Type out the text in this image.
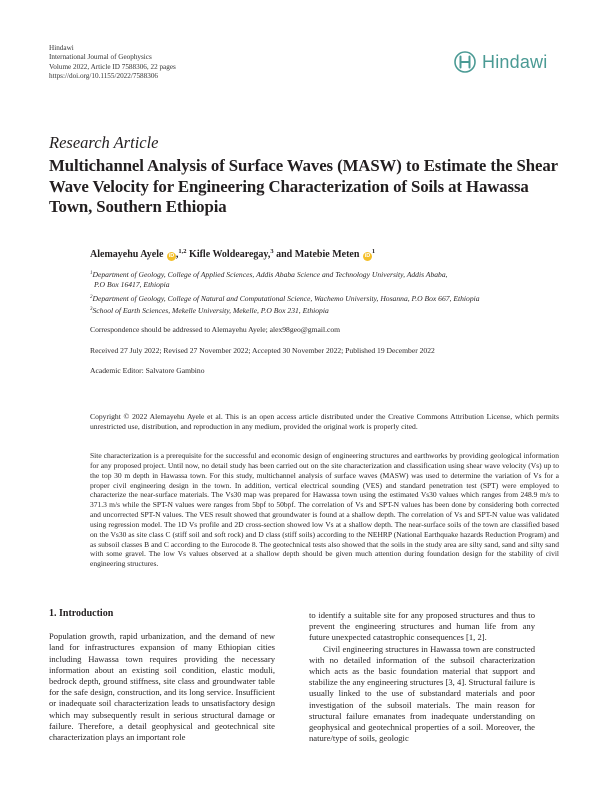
Hindawi
International Journal of Geophysics
Volume 2022, Article ID 7588306, 22 pages
https://doi.org/10.1155/2022/7588306
Hindawi
Research Article
Multichannel Analysis of Surface Waves (MASW) to Estimate the Shear Wave Velocity for Engineering Characterization of Soils at Hawassa Town, Southern Ethiopia
Alemayehu Ayele iD ,$^{1,2}$ Kifle Woldearegay,$^3$ and Matebie Meten $iD^1$
$^1$Department of Geology, College of Applied Sciences, Addis Ababa Science and Technology University, Addis Ababa,
P.O Box 16417, Ethiopia
$^2$Department of Geology, College of Natural and Computational Science, Wachemo University, Hosanna, P.O Box 667, Ethiopia
$^3$School of Earth Sciences, Mekelle University, Mekelle, P.O Box 231, Ethiopia
Correspondence should be addressed to Alemayehu Ayele; alex98geo@gmail.com
Received 27 July 2022; Revised 27 November 2022; Accepted 30 November 2022; Published 19 December 2022
Academic Editor: Salvatore Gambino
Copyright © 2022 Alemayehu Ayele et al. This is an open access article distributed under the Creative Commons Attribution License, which permits unrestricted use, distribution, and reproduction in any medium, provided the original work is properly cited.
Site characterization is a prerequisite for the successful and economic design of engineering structures and earthworks by providing geological information for any proposed project. Until now, no detail study has been carried out on the site characterization and classification using shear wave velocity (Vs) up to the top 30 m depth in Hawassa town. For this study, multichannel analysis of surface waves (MASW) was used to determine the variation of Vs for a proper civil engineering design in the town. In addition, vertical electrical sounding (VES) and standard penetration test (SPT) were employed to characterize the near-surface materials. The Vs30 map was prepared for Hawassa town using the estimated Vs30 values which ranges from 248.9 m/s to 371.3 m/s while the SPT-N values were ranges from 5bpf to 50bpf. The correlation of Vs and SPT-N values has been done by considering both corrected and uncorrected SPT-N values. The VES result showed that groundwater is found at a shallow depth. The correlation of Vs and SPT-N value was validated using regression model. The 1D Vs profile and 2D cross-section showed low Vs at a shallow depth. The near-surface soils of the town are classified based on the Vs30 as site class C (stiff soil and soft rock) and D class (stiff soils) according to the NEHRP (National Earthquake hazards Reduction Program) and as subsoil classes B and C according to the Eurocode 8. The geotechnical tests also showed that the soils in the study area are silty sand, sand and silty sand with some gravel. The low Vs values observed at a shallow depth should be given much attention during foundation design for the stability of civil engineering structures.
1. Introduction

Population growth, rapid urbanization, and the demand of new land for infrastructures expansion of many Ethiopian cities including Hawassa town requires providing the necessary information about an existing soil condition, elastic moduli, bedrock depth, ground stiffness, site class and groundwater table for the safe design, construction, and its long service. Insufficient or inadequate soil characterization leads to unsatisfactory design which may subsequently result in serious structural damage or failure. Therefore, a detail geophysical and geotechnical site characterization plays an important role

to identify a suitable site for any proposed structures and thus to prevent the engineering structures and human life from any future unexpected catastrophic consequences [1, 2].

Civil engineering structures in Hawassa town are constructed with no detailed information of the subsoil characterization which acts as the basic foundation material that support and stabilize the any engineering structures [3, 4]. Structural failure is usually linked to the use of substandard materials and poor investigation of the subsoil materials. The main reason for structural failure emanates from inadequate understanding on geophysical and geotechnical properties of a soil. Moreover, the nature/type of soils, geologic
